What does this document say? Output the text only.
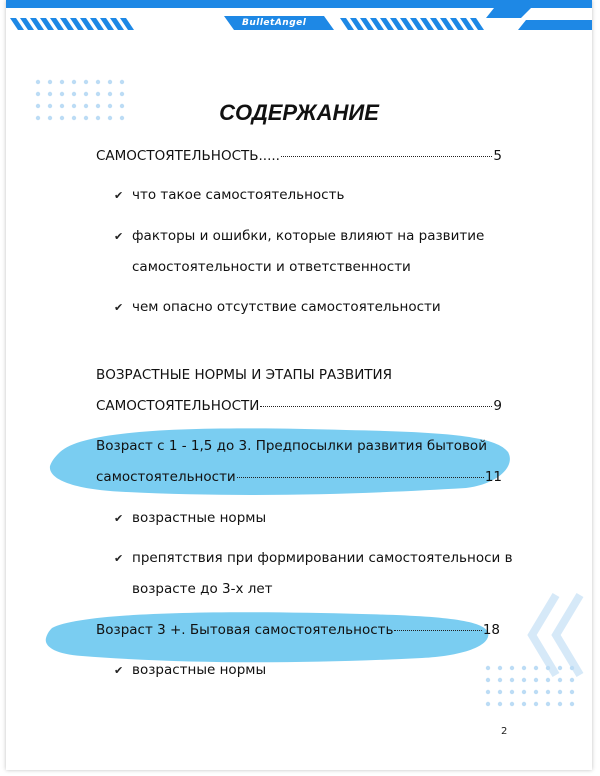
BulletAngel
СОДЕРЖАНИЕ
САМОСТОЯТЕЛЬНОСТЬ.....	5
✔ что такое самостоятельность
✔ факторы и ошибки, которые влияют на развитие
самостоятельности и ответственности
✔ чем опасно отсутствие самостоятельности
ВОЗРАСТНЫЕ НОРМЫ И ЭТАПЫ РАЗВИТИЯ
САМОСТОЯТЕЛЬНОСТИ	9
Возраст с 1 - 1,5 до 3. Предпосылки развития бытовой
самостоятельности	11
✔ возрастные нормы
✔ препятствия при формировании самостоятельноси в
возрасте до 3-х лет
Возраст 3 +. Бытовая самостоятельность	18
✔ возрастные нормы
2
